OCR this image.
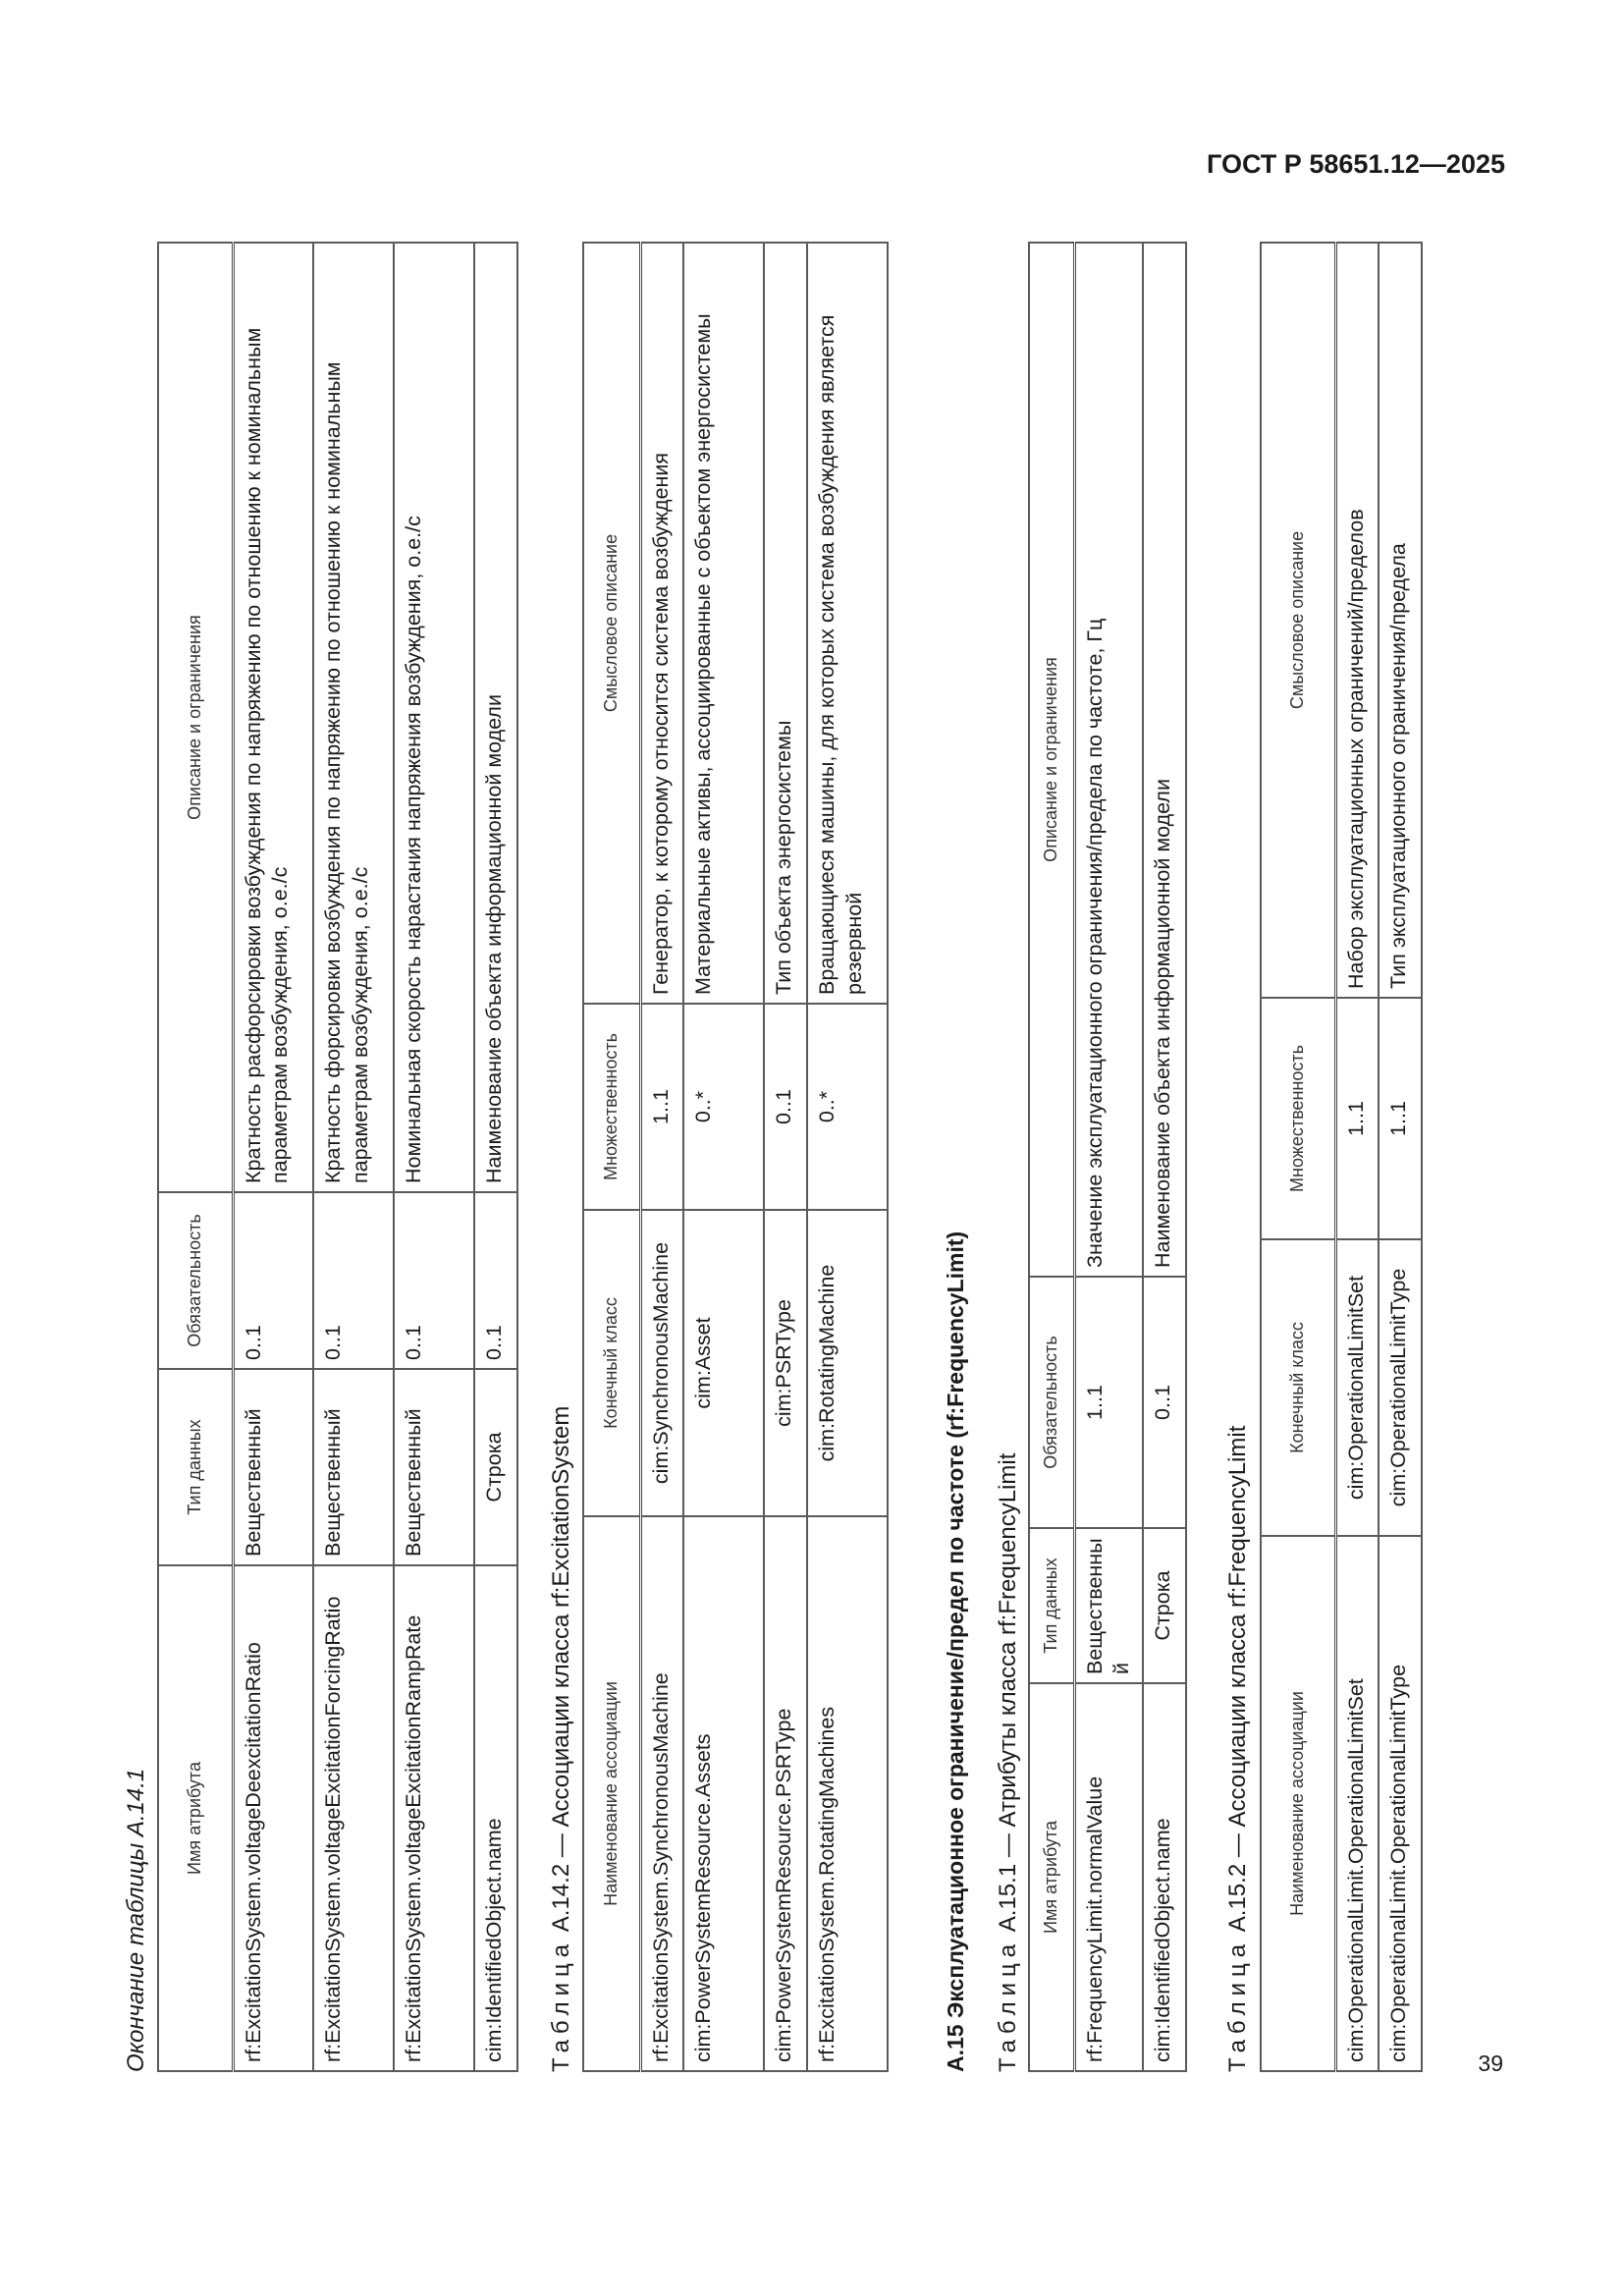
ГОСТ Р 58651.12—2025
39

Окончание таблицы А.14.1 Имя атрибута	Тип данных	Обязательность	Описание и ограничения
rf:ExcitationSystem.voltageDeexcitationRatio	Вещественный	0..1	Кратность расфорсировки возбуждения по напряжению по отношению к номинальным параметрам возбуждения, о.е./с
rf:ExcitationSystem.voltageExcitationForcingRatio	Вещественный	0..1	Кратность форсировки возбуждения по напряжению по отношению к номинальным параметрам возбуждения, о.е./с
rf:ExcitationSystem.voltageExcitationRampRate	Вещественный	0..1	Номинальная скорость нарастания напряжения возбуждения, о.е./с
cim:IdentifiedObject.name	Строка	0..1	Наименование объекта информационной модели

Таблица А.14.2 — Ассоциации класса rf:ExcitationSystem Наименование ассоциации	Конечный класс	Множественность	Смысловое описание
rf:ExcitationSystem.SynchronousMachine	cim:SynchronousMachine	1..1	Генератор, к которому относится система возбуждения
cim:PowerSystemResource.Assets	cim:Asset	0..*	Материальные активы, ассоциированные с объектом энергосистемы
cim:PowerSystemResource.PSRType	cim:PSRType	0..1	Тип объекта энергосистемы
rf:ExcitationSystem.RotatingMachines	cim:RotatingMachine	0..*	Вращающиеся машины, для которых система возбуждения является резервной

А.15 Эксплуатационное ограничение/предел по частоте (rf:FrequencyLimit) Таблица А.15.1 — Атрибуты класса rf:FrequencyLimit Имя атрибута	Тип данных	Обязательность	Описание и ограничения
rf:FrequencyLimit.normalValue	Вещественный	1..1	Значение эксплуатационного ограничения/предела по частоте, Гц
cim:IdentifiedObject.name	Строка	0..1	Наименование объекта информационной модели

Таблица А.15.2 — Ассоциации класса rf:FrequencyLimit Наименование ассоциации	Конечный класс	Множественность	Смысловое описание
cim:OperationalLimit.OperationalLimitSet	cim:OperationalLimitSet	1..1	Набор эксплуатационных ограничений/пределов
cim:OperationalLimit.OperationalLimitType	cim:OperationalLimitType	1..1	Тип эксплуатационного ограничения/предела
